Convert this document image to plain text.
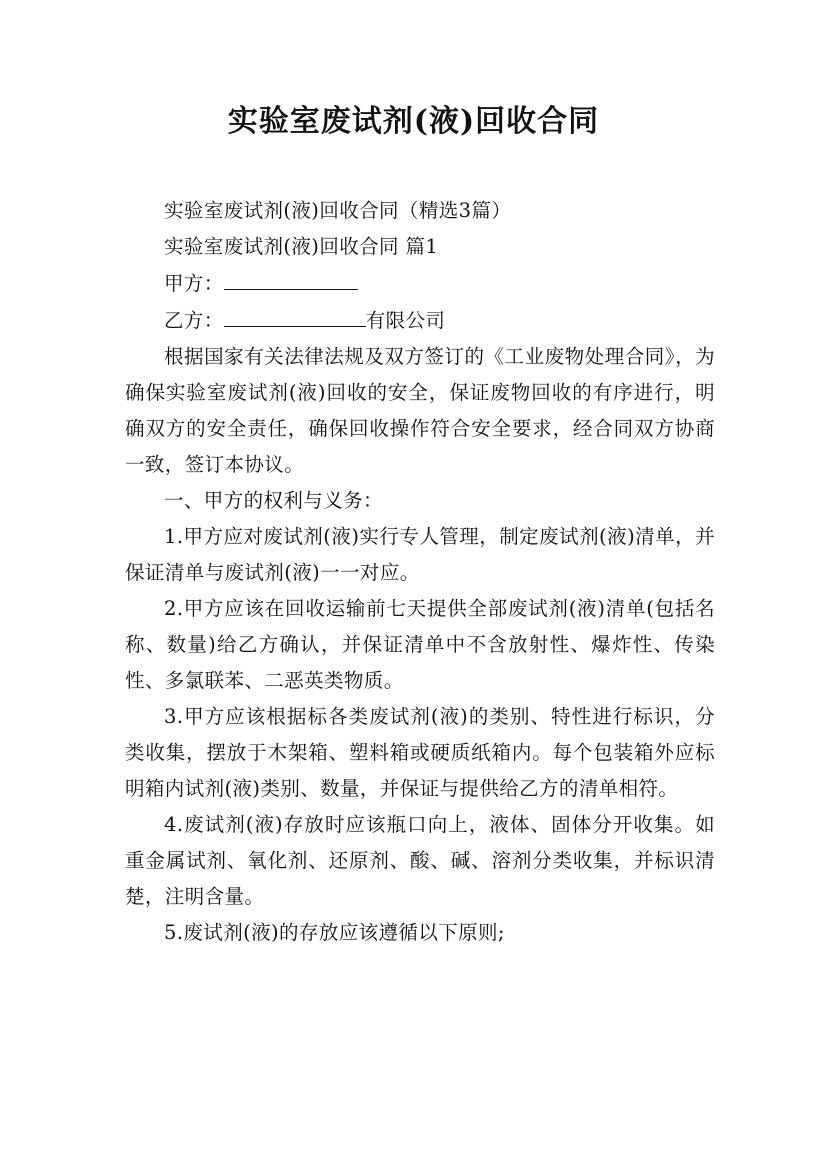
实验室废试剂(液)回收合同

实验室废试剂(液)回收合同（精选3篇）

实验室废试剂(液)回收合同 篇1

甲方：

乙方：	有限公司

根据国家有关法律法规及双方签订的《工业废物处理合同》，为确保实验室废试剂(液)回收的安全，保证废物回收的有序进行，明确双方的安全责任，确保回收操作符合安全要求，经合同双方协商一致，签订本协议。

一、甲方的权利与义务：

1.甲方应对废试剂(液)实行专人管理，制定废试剂(液)清单，并保证清单与废试剂(液)一一对应。

2.甲方应该在回收运输前七天提供全部废试剂(液)清单(包括名称、数量)给乙方确认，并保证清单中不含放射性、爆炸性、传染性、多氯联苯、二恶英类物质。

3.甲方应该根据标各类废试剂(液)的类别、特性进行标识，分类收集，摆放于木架箱、塑料箱或硬质纸箱内。每个包装箱外应标明箱内试剂(液)类别、数量，并保证与提供给乙方的清单相符。

4.废试剂(液)存放时应该瓶口向上，液体、固体分开收集。如重金属试剂、氧化剂、还原剂、酸、碱、溶剂分类收集，并标识清楚，注明含量。

5.废试剂(液)的存放应该遵循以下原则;
